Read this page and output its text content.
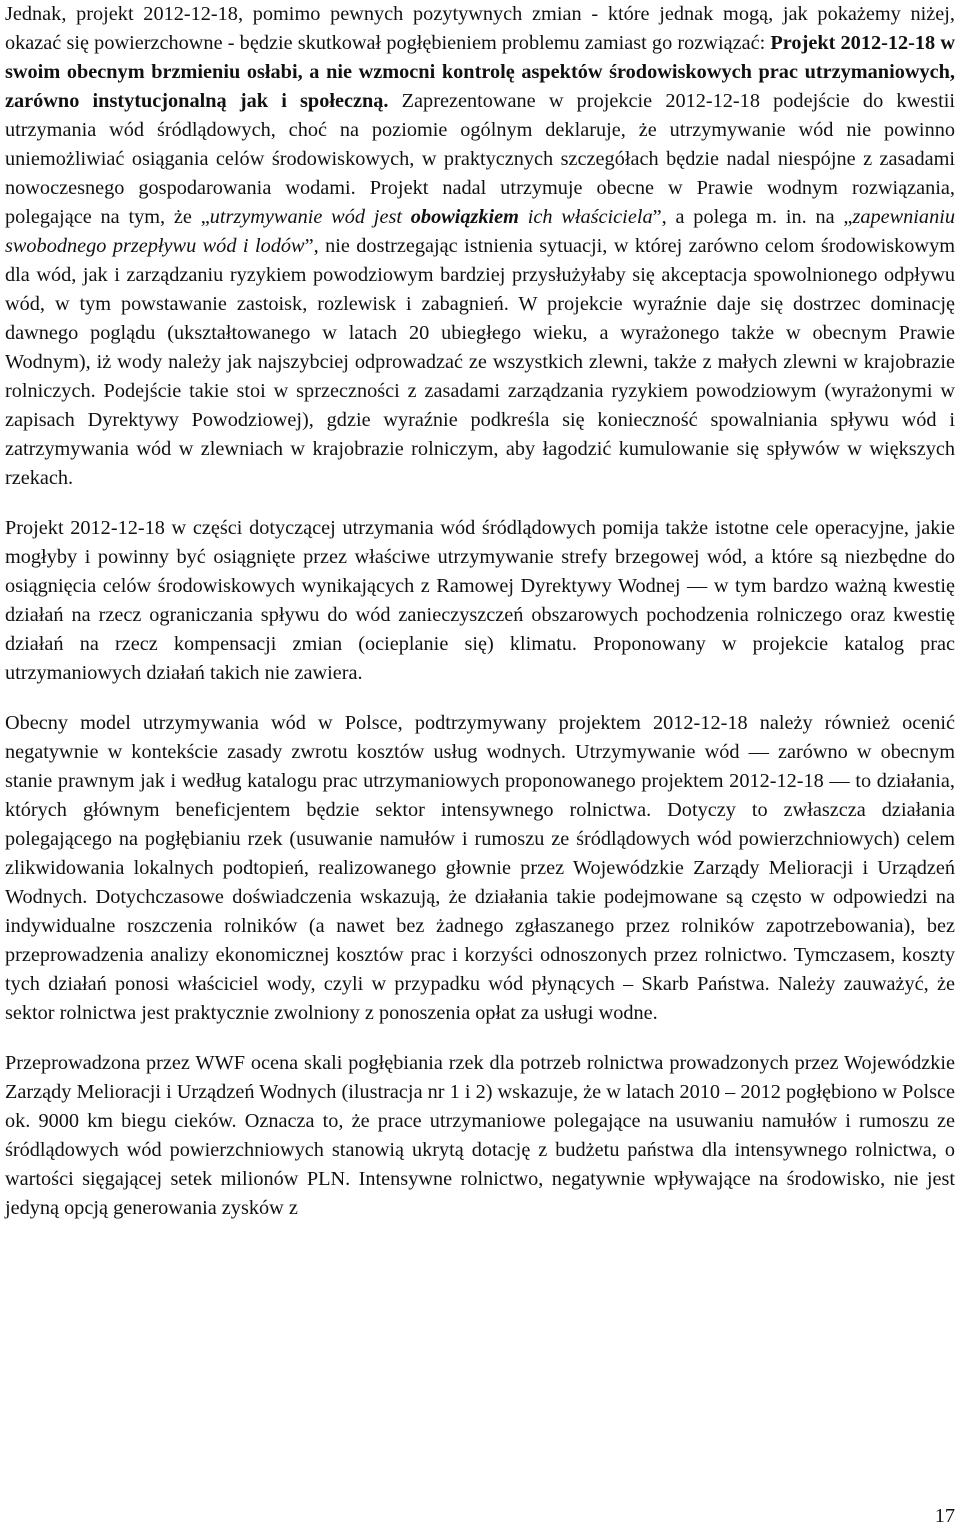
Jednak, projekt 2012-12-18, pomimo pewnych pozytywnych zmian - które jednak mogą, jak pokażemy niżej, okazać się powierzchowne - będzie skutkował pogłębieniem problemu zamiast go rozwiązać: Projekt 2012-12-18 w swoim obecnym brzmieniu osłabi, a nie wzmocni kontrolę aspektów środowiskowych prac utrzymaniowych, zarówno instytucjonalną jak i społeczną. Zaprezentowane w projekcie 2012-12-18 podejście do kwestii utrzymania wód śródlądowych, choć na poziomie ogólnym deklaruje, że utrzymywanie wód nie powinno uniemożliwiać osiągania celów środowiskowych, w praktycznych szczegółach będzie nadal niespójne z zasadami nowoczesnego gospodarowania wodami. Projekt nadal utrzymuje obecne w Prawie wodnym rozwiązania, polegające na tym, że „utrzymywanie wód jest obowiązkiem ich właściciela”, a polega m. in. na „zapewnianiu swobodnego przepływu wód i lodów”, nie dostrzegając istnienia sytuacji, w której zarówno celom środowiskowym dla wód, jak i zarządzaniu ryzykiem powodziowym bardziej przysłużyłaby się akceptacja spowolnionego odpływu wód, w tym powstawanie zastoisk, rozlewisk i zabagnień. W projekcie wyraźnie daje się dostrzec dominację dawnego poglądu (ukształtowanego w latach 20 ubiegłego wieku, a wyrażonego także w obecnym Prawie Wodnym), iż wody należy jak najszybciej odprowadzać ze wszystkich zlewni, także z małych zlewni w krajobrazie rolniczych. Podejście takie stoi w sprzeczności z zasadami zarządzania ryzykiem powodziowym (wyrażonymi w zapisach Dyrektywy Powodziowej), gdzie wyraźnie podkreśla się konieczność spowalniania spływu wód i zatrzymywania wód w zlewniach w krajobrazie rolniczym, aby łagodzić kumulowanie się spływów w większych rzekach.

Projekt 2012-12-18 w części dotyczącej utrzymania wód śródlądowych pomija także istotne cele operacyjne, jakie mogłyby i powinny być osiągnięte przez właściwe utrzymywanie strefy brzegowej wód, a które są niezbędne do osiągnięcia celów środowiskowych wynikających z Ramowej Dyrektywy Wodnej — w tym bardzo ważną kwestię działań na rzecz ograniczania spływu do wód zanieczyszczeń obszarowych pochodzenia rolniczego oraz kwestię działań na rzecz kompensacji zmian (ocieplanie się) klimatu. Proponowany w projekcie katalog prac utrzymaniowych działań takich nie zawiera.

Obecny model utrzymywania wód w Polsce, podtrzymywany projektem 2012-12-18 należy również ocenić negatywnie w kontekście zasady zwrotu kosztów usług wodnych. Utrzymywanie wód — zarówno w obecnym stanie prawnym jak i według katalogu prac utrzymaniowych proponowanego projektem 2012-12-18 — to działania, których głównym beneficjentem będzie sektor intensywnego rolnictwa. Dotyczy to zwłaszcza działania polegającego na pogłębianiu rzek (usuwanie namułów i rumoszu ze śródlądowych wód powierzchniowych) celem zlikwidowania lokalnych podtopień, realizowanego głownie przez Wojewódzkie Zarządy Melioracji i Urządzeń Wodnych. Dotychczasowe doświadczenia wskazują, że działania takie podejmowane są często w odpowiedzi na indywidualne roszczenia rolników (a nawet bez żadnego zgłaszanego przez rolników zapotrzebowania), bez przeprowadzenia analizy ekonomicznej kosztów prac i korzyści odnoszonych przez rolnictwo. Tymczasem, koszty tych działań ponosi właściciel wody, czyli w przypadku wód płynących – Skarb Państwa. Należy zauważyć, że sektor rolnictwa jest praktycznie zwolniony z ponoszenia opłat za usługi wodne.

Przeprowadzona przez WWF ocena skali pogłębiania rzek dla potrzeb rolnictwa prowadzonych przez Wojewódzkie Zarządy Melioracji i Urządzeń Wodnych (ilustracja nr 1 i 2) wskazuje, że w latach 2010 – 2012 pogłębiono w Polsce ok. 9000 km biegu cieków. Oznacza to, że prace utrzymaniowe polegające na usuwaniu namułów i rumoszu ze śródlądowych wód powierzchniowych stanowią ukrytą dotację z budżetu państwa dla intensywnego rolnictwa, o wartości sięgającej setek milionów PLN. Intensywne rolnictwo, negatywnie wpływające na środowisko, nie jest jedyną opcją generowania zysków z

17
